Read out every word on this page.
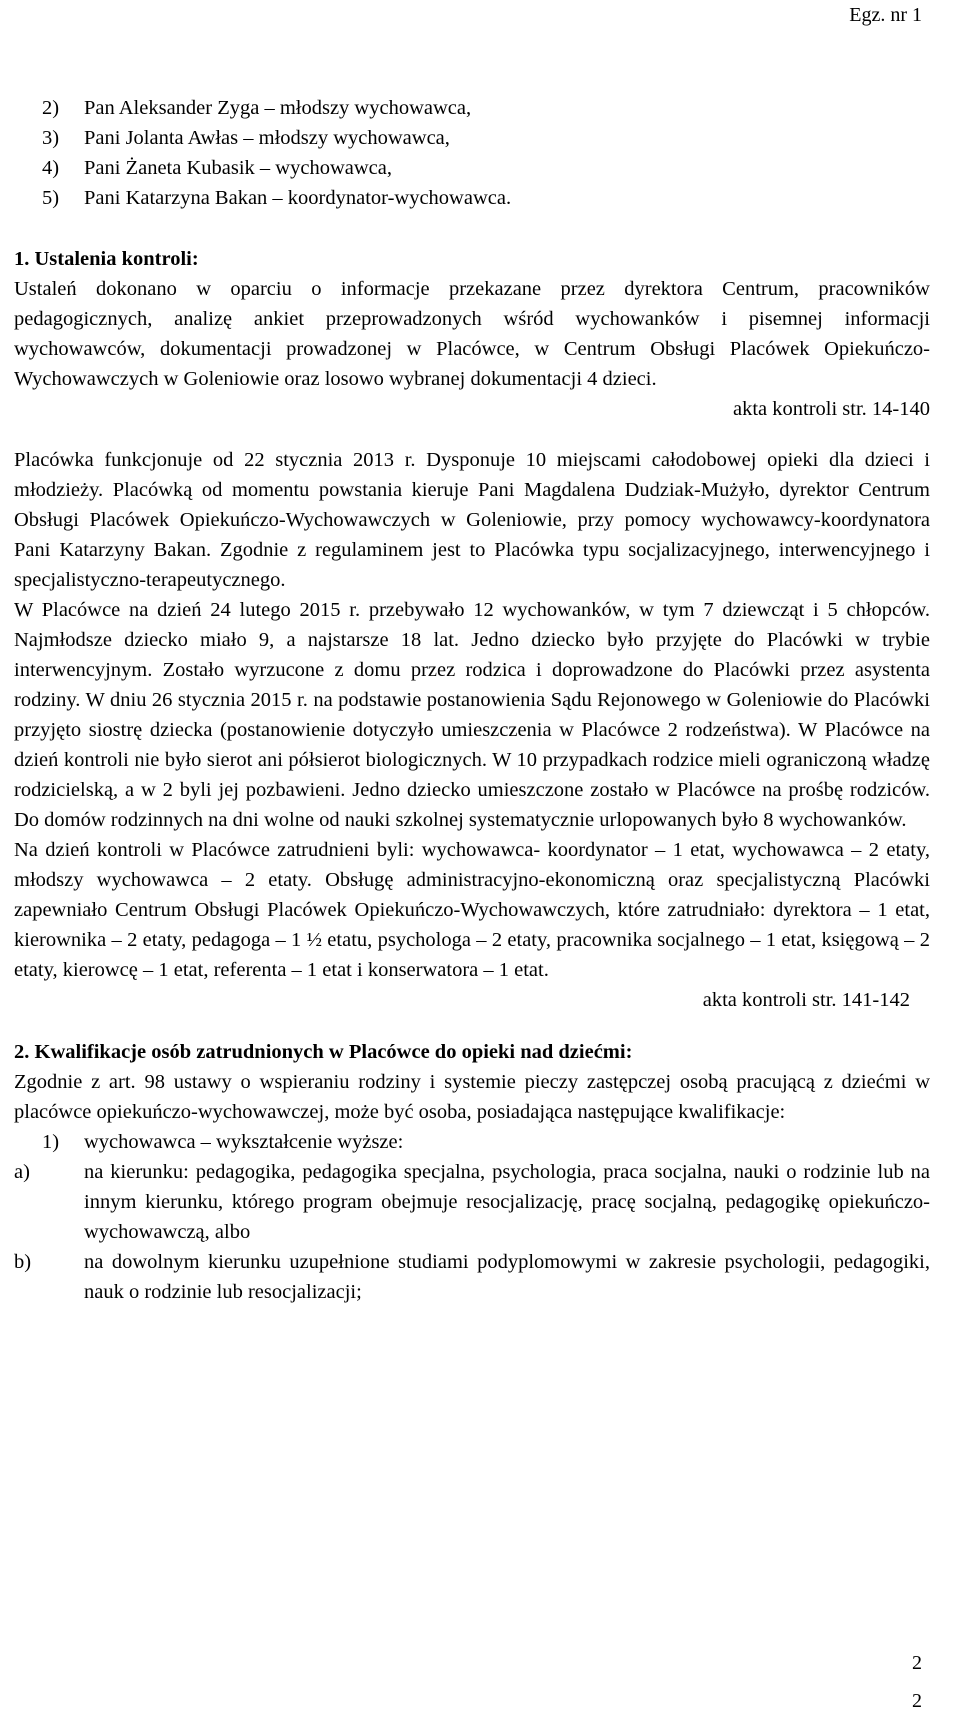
Egz. nr 1
2)	Pan Aleksander Zyga – młodszy wychowawca,
3)	Pani Jolanta Awłas – młodszy wychowawca,
4)	Pani Żaneta Kubasik – wychowawca,
5)	Pani Katarzyna Bakan – koordynator-wychowawca.
1. Ustalenia kontroli:
Ustaleń dokonano w oparciu o informacje przekazane przez dyrektora Centrum, pracowników pedagogicznych, analizę ankiet przeprowadzonych wśród wychowanków i pisemnej informacji wychowawców, dokumentacji prowadzonej w Placówce, w Centrum Obsługi Placówek Opiekuńczo-Wychowawczych w Goleniowie oraz losowo wybranej dokumentacji 4 dzieci.
akta kontroli str. 14-140
Placówka funkcjonuje od 22 stycznia 2013 r. Dysponuje 10 miejscami całodobowej opieki dla dzieci i młodzieży. Placówką od momentu powstania kieruje Pani Magdalena Dudziak-Mużyło, dyrektor Centrum Obsługi Placówek Opiekuńczo-Wychowawczych w Goleniowie, przy pomocy wychowawcy-koordynatora Pani Katarzyny Bakan. Zgodnie z regulaminem jest to Placówka typu socjalizacyjnego, interwencyjnego i specjalistyczno-terapeutycznego.
W Placówce na dzień 24 lutego 2015 r. przebywało 12 wychowanków, w tym 7 dziewcząt i 5 chłopców. Najmłodsze dziecko miało 9, a najstarsze 18 lat. Jedno dziecko było przyjęte do Placówki w trybie interwencyjnym. Zostało wyrzucone z domu przez rodzica i doprowadzone do Placówki przez asystenta rodziny. W dniu 26 stycznia 2015 r. na podstawie postanowienia Sądu Rejonowego w Goleniowie do Placówki przyjęto siostrę dziecka (postanowienie dotyczyło umieszczenia w Placówce 2 rodzeństwa). W Placówce na dzień kontroli nie było sierot ani półsierot biologicznych. W 10 przypadkach rodzice mieli ograniczoną władzę rodzicielską, a w 2 byli jej pozbawieni. Jedno dziecko umieszczone zostało w Placówce na prośbę rodziców. Do domów rodzinnych na dni wolne od nauki szkolnej systematycznie urlopowanych było 8 wychowanków.
Na dzień kontroli w Placówce zatrudnieni byli: wychowawca- koordynator – 1 etat, wychowawca – 2 etaty, młodszy wychowawca – 2 etaty. Obsługę administracyjno-ekonomiczną oraz specjalistyczną Placówki zapewniało Centrum Obsługi Placówek Opiekuńczo-Wychowawczych, które zatrudniało: dyrektora – 1 etat, kierownika – 2 etaty, pedagoga – 1 ½ etatu, psychologa – 2 etaty, pracownika socjalnego – 1 etat, księgową – 2 etaty, kierowcę – 1 etat, referenta – 1 etat i konserwatora – 1 etat.
akta kontroli str. 141-142
2. Kwalifikacje osób zatrudnionych w Placówce do opieki nad dziećmi:
Zgodnie z art. 98 ustawy o wspieraniu rodziny i systemie pieczy zastępczej osobą pracującą z dziećmi w placówce opiekuńczo-wychowawczej, może być osoba, posiadająca następujące kwalifikacje:
1)	wychowawca – wykształcenie wyższe:
a)	na kierunku: pedagogika, pedagogika specjalna, psychologia, praca socjalna, nauki o rodzinie lub na innym kierunku, którego program obejmuje resocjalizację, pracę socjalną, pedagogikę opiekuńczo-wychowawczą, albo
b)	na dowolnym kierunku uzupełnione studiami podyplomowymi w zakresie psychologii, pedagogiki, nauk o rodzinie lub resocjalizacji;
2
2
